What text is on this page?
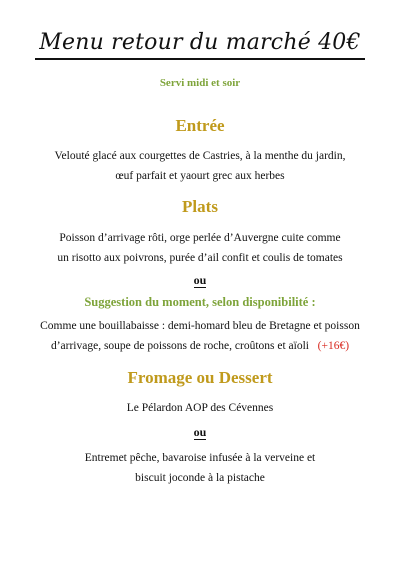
Menu retour du marché 40€
Servi midi et soir
Entrée
Velouté glacé aux courgettes de Castries, à la menthe du jardin,
œuf parfait et yaourt grec aux herbes
Plats
Poisson d’arrivage rôti, orge perlée d’Auvergne cuite comme
un risotto aux poivrons, purée d’ail confit et coulis de tomates
ou
Suggestion du moment, selon disponibilité :
Comme une bouillabaisse : demi-homard bleu de Bretagne et poisson
d’arrivage, soupe de poissons de roche, croûtons et aïoli (+16€)
Fromage ou Dessert
Le Pélardon AOP des Cévennes
ou
Entremet pêche, bavaroise infusée à la verveine et
biscuit joconde à la pistache
